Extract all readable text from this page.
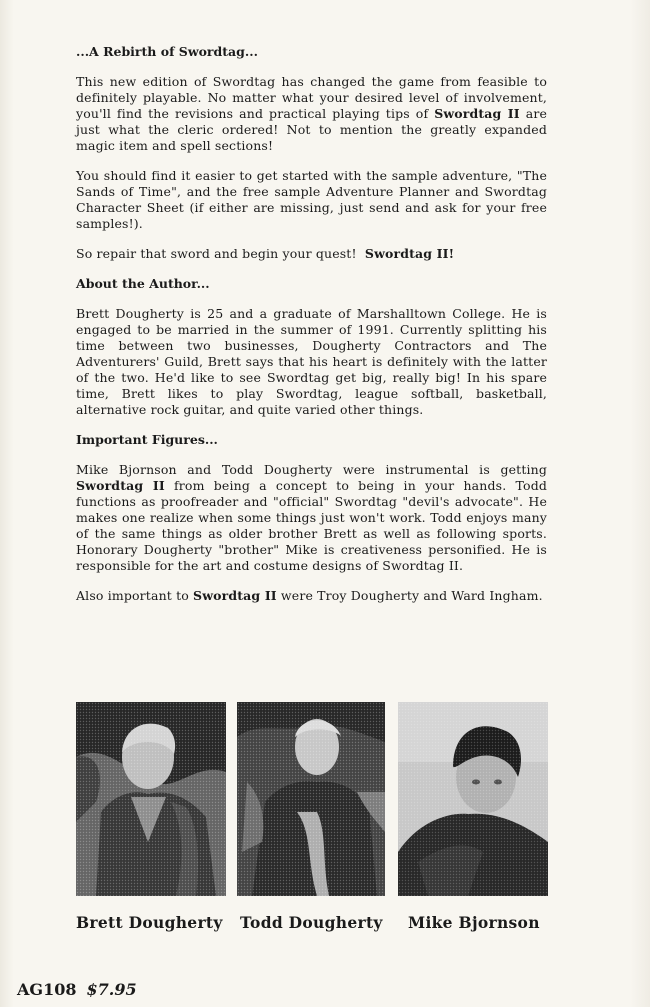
...A Rebirth of Swordtag...

This new edition of Swordtag has changed the game from feasible to definitely playable. No matter what your desired level of involvement, you'll find the revisions and practical playing tips of Swordtag II are just what the cleric ordered! Not to mention the greatly expanded magic item and spell sections!

You should find it easier to get started with the sample adventure, "The Sands of Time", and the free sample Adventure Planner and Swordtag Character Sheet (if either are missing, just send and ask for your free samples!).

So repair that sword and begin your quest!  Swordtag II!

About the Author...

Brett Dougherty is 25 and a graduate of Marshalltown College. He is engaged to be married in the summer of 1991. Currently splitting his time between two businesses, Dougherty Contractors and The Adventurers' Guild, Brett says that his heart is definitely with the latter of the two. He'd like to see Swordtag get big, really big! In his spare time, Brett likes to play Swordtag, league softball, basketball, alternative rock guitar, and quite varied other things.

Important Figures...

Mike Bjornson and Todd Dougherty were instrumental is getting Swordtag II from being a concept to being in your hands. Todd functions as proofreader and "official" Swordtag "devil's advocate". He makes one realize when some things just won't work. Todd enjoys many of the same things as older brother Brett as well as following sports. Honorary Dougherty "brother" Mike is creativeness personified. He is responsible for the art and costume designs of Swordtag II.

Also important to Swordtag II were Troy Dougherty and Ward Ingham.

Brett Dougherty Todd Dougherty Mike Bjornson
AG108 $7.95
